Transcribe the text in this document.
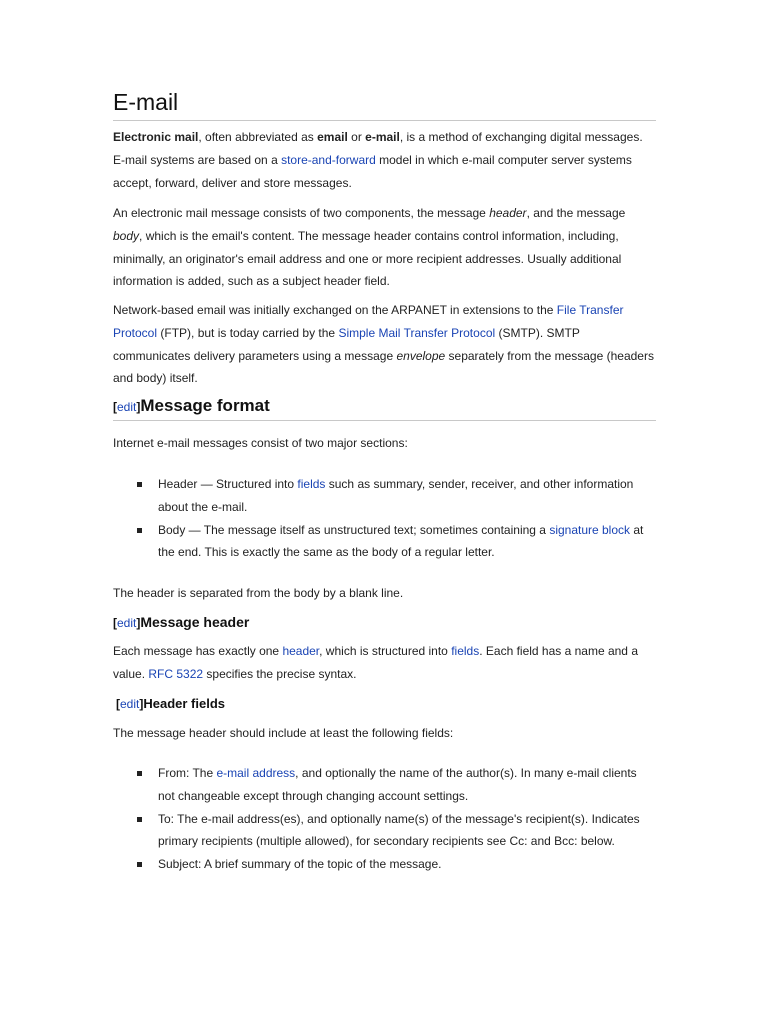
E-mail

Electronic mail, often abbreviated as email or e-mail, is a method of exchanging digital messages. E-mail systems are based on a store-and-forward model in which e-mail computer server systems accept, forward, deliver and store messages.

An electronic mail message consists of two components, the message header, and the message body, which is the email's content. The message header contains control information, including, minimally, an originator's email address and one or more recipient addresses. Usually additional information is added, such as a subject header field.

Network-based email was initially exchanged on the ARPANET in extensions to the File Transfer Protocol (FTP), but is today carried by the Simple Mail Transfer Protocol (SMTP). SMTP communicates delivery parameters using a message envelope separately from the message (headers and body) itself.

[edit]Message format

Internet e-mail messages consist of two major sections:

Header — Structured into fields such as summary, sender, receiver, and other information about the e-mail.
Body — The message itself as unstructured text; sometimes containing a signature block at the end. This is exactly the same as the body of a regular letter.

The header is separated from the body by a blank line.

[edit]Message header

Each message has exactly one header, which is structured into fields. Each field has a name and a value. RFC 5322 specifies the precise syntax.

[edit]Header fields

The message header should include at least the following fields:

From: The e-mail address, and optionally the name of the author(s). In many e-mail clients not changeable except through changing account settings.
To: The e-mail address(es), and optionally name(s) of the message's recipient(s). Indicates primary recipients (multiple allowed), for secondary recipients see Cc: and Bcc: below.
Subject: A brief summary of the topic of the message.
